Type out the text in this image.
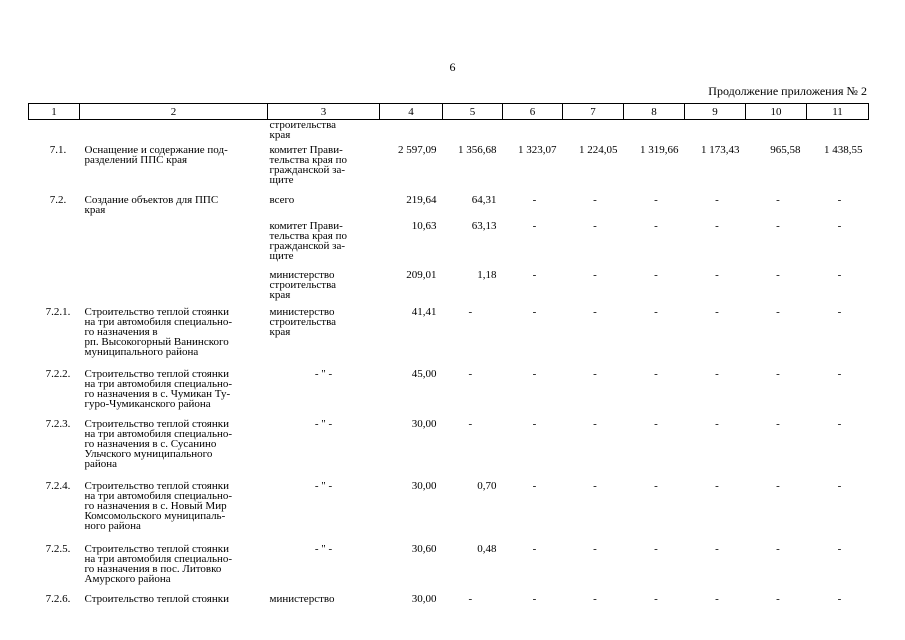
6
Продолжение приложения № 2
1	2	3	4	5	6	7	8	9	10	11

		строительства
края								

7.1.	Оснащение и содержание под-
разделений ППС края	комитет Прави-
тельства края по
гражданской за-
щите	2 597,09	1 356,68	1 323,07	1 224,05	1 319,66	1 173,43	965,58	1 438,55
7.2.	Создание объектов для ППС
края	всего	219,64	64,31	-	-	-	-	-	-

		комитет Прави-
тельства края по
гражданской за-
щите	10,63	63,13	-	-	-	-	-	-

		министерство
строительства
края	209,01	1,18	-	-	-	-	-	-
7.2.1.	Строительство теплой стоянки
на три автомобиля специально-
го назначения в
рп. Высокогорный Ванинского
муниципального района	министерство
строительства
края	41,41	-	-	-	-	-	-	-
7.2.2.	Строительство теплой стоянки
на три автомобиля специально-
го назначения в с. Чумикан Ту-
гуро-Чумиканского района	- " -	45,00	-	-	-	-	-	-	-
7.2.3.	Строительство теплой стоянки
на три автомобиля специально-
го назначения в с. Сусанино
Ульчского муниципального
района	- " -	30,00	-	-	-	-	-	-	-
7.2.4.	Строительство теплой стоянки
на три автомобиля специально-
го назначения в с. Новый Мир
Комсомольского муниципаль-
ного района	- " -	30,00	0,70	-	-	-	-	-	-
7.2.5.	Строительство теплой стоянки
на три автомобиля специально-
го назначения в пос. Литовко
Амурского района	- " -	30,60	0,48	-	-	-	-	-	-
7.2.6.	Строительство теплой стоянки	министерство	30,00	-	-	-	-	-	-	-
